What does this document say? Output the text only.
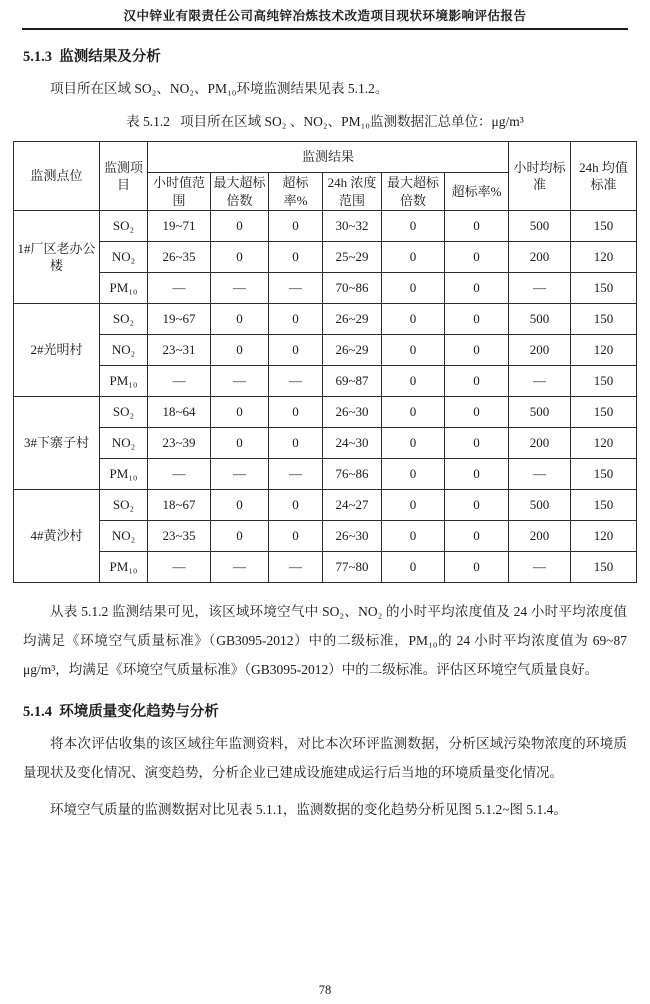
汉中锌业有限责任公司高纯锌冶炼技术改造项目现状环境影响评估报告
5.1.3  监测结果及分析

项目所在区域 SO₂、NO₂、PM₁₀环境监测结果见表 5.1.2。

表 5.1.2   项目所在区域 SO₂ 、NO₂、PM₁₀监测数据汇总单位：μg/m³
监测点位	监测项目	监测结果						小时均标准	24h 均值标准
		小时值范围	最大超标倍数	超标率%	24h 浓度范围	最大超标倍数	超标率%		
1#厂区老办公楼	SO₂	19~71	0	0	30~32	0	0	500	150
	NO₂	26~35	0	0	25~29	0	0	200	120
	PM₁₀	—	—	—	70~86	0	0	—	150
2#光明村	SO₂	19~67	0	0	26~29	0	0	500	150
	NO₂	23~31	0	0	26~29	0	0	200	120
	PM₁₀	—	—	—	69~87	0	0	—	150
3#下寨子村	SO₂	18~64	0	0	26~30	0	0	500	150
	NO₂	23~39	0	0	24~30	0	0	200	120
	PM₁₀	—	—	—	76~86	0	0	—	150
4#黄沙村	SO₂	18~67	0	0	24~27	0	0	500	150
	NO₂	23~35	0	0	26~30	0	0	200	120
	PM₁₀	—	—	—	77~80	0	0	—	150

从表 5.1.2 监测结果可见，该区域环境空气中 SO₂、NO₂ 的小时平均浓度值及 24 小时平均浓度值均满足《环境空气质量标准》（GB3095-2012）中的二级标准，PM₁₀的 24 小时平均浓度值为 69~87 μg/m³，均满足《环境空气质量标准》（GB3095-2012）中的二级标准。评估区环境空气质量良好。

5.1.4  环境质量变化趋势与分析

将本次评估收集的该区域往年监测资料，对比本次环评监测数据，分析区域污染物浓度的环境质量现状及变化情况、演变趋势，分析企业已建成设施建成运行后当地的环境质量变化情况。

环境空气质量的监测数据对比见表 5.1.1，监测数据的变化趋势分析见图 5.1.2~图 5.1.4。

78
